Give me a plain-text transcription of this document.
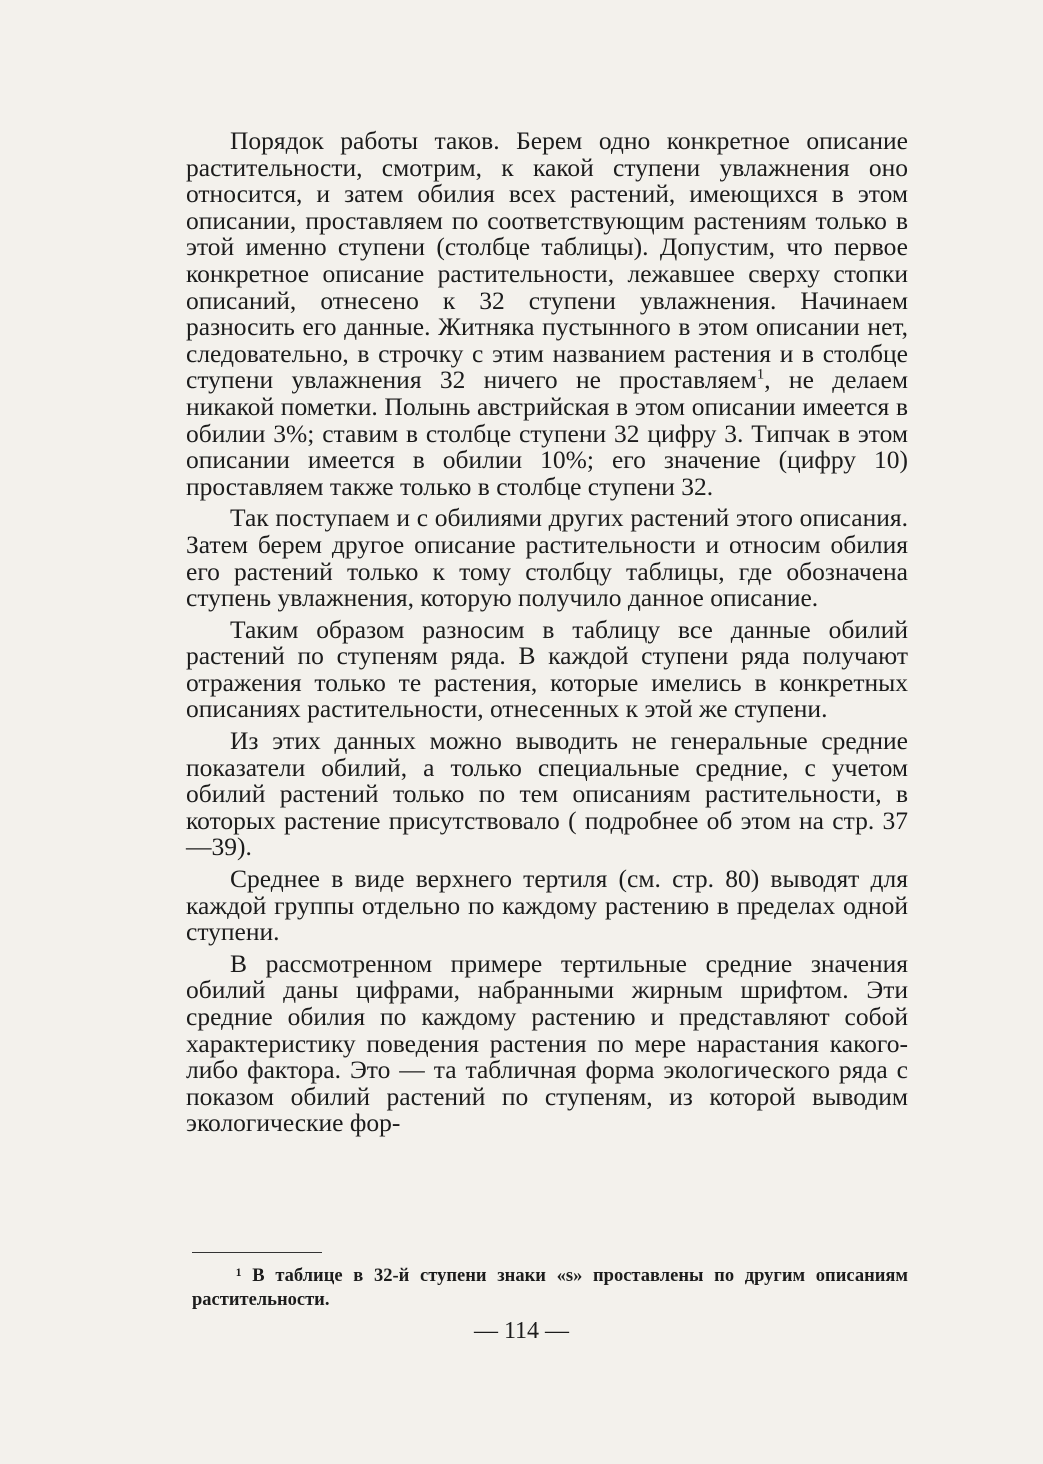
Порядок работы таков. Берем одно конкретное описание растительности, смотрим, к какой ступени увлажнения оно относится, и затем обилия всех растений, имеющихся в этом описании, проставляем по соответствующим растениям только в этой именно ступени (столбце таблицы). Допустим, что первое конкретное описание растительности, лежавшее сверху стопки описаний, отнесено к 32 ступени увлажнения. Начинаем разносить его данные. Житняка пустынного в этом описании нет, следовательно, в строчку с этим названием растения и в столбце ступени увлажнения 32 ничего не проставляем$^1$, не делаем никакой пометки. Полынь австрийская в этом описании имеется в обилии 3%; ставим в столбце ступени 32 цифру 3. Типчак в этом описании имеется в обилии 10%; его значение (цифру 10) проставляем также только в столбце ступени 32.

Так поступаем и с обилиями других растений этого описания. Затем берем другое описание растительности и относим обилия его растений только к тому столбцу таблицы, где обозначена ступень увлажнения, которую получило данное описание.

Таким образом разносим в таблицу все данные обилий растений по ступеням ряда. В каждой ступени ряда получают отражения только те растения, которые имелись в конкретных описаниях растительности, отнесенных к этой же ступени.

Из этих данных можно выводить не генеральные средние показатели обилий, а только специальные средние, с учетом обилий растений только по тем описаниям растительности, в которых растение присутствовало ( подробнее об этом на стр. 37—39).

Среднее в виде верхнего тертиля (см. стр. 80) выводят для каждой группы отдельно по каждому растению в пределах одной ступени.

В рассмотренном примере тертильные средние значения обилий даны цифрами, набранными жирным шрифтом. Эти средние обилия по каждому растению и представляют собой характеристику поведения растения по мере нарастания какого-либо фактора. Это — та табличная форма экологического ряда с показом обилий растений по ступеням, из которой выводим экологические фор-

¹ В таблице в 32-й ступени знаки «s» проставлены по другим описаниям растительности.

— 114 —
